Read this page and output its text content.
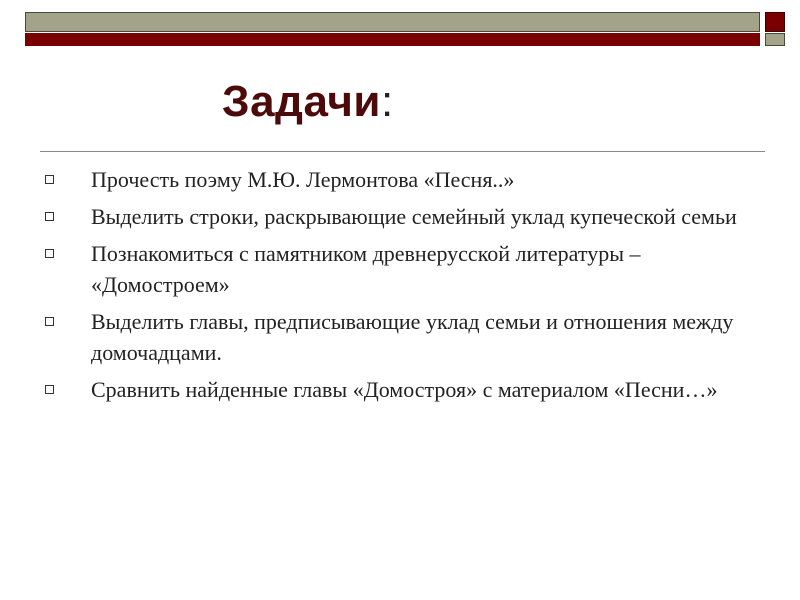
Задачи:
Прочесть поэму М.Ю. Лермонтова «Песня..»
Выделить строки, раскрывающие семейный уклад купеческой семьи
Познакомиться с памятником древнерусской литературы – «Домостроем»
Выделить главы, предписывающие уклад семьи и отношения между домочадцами.
Сравнить найденные главы «Домостроя» с материалом «Песни…»
